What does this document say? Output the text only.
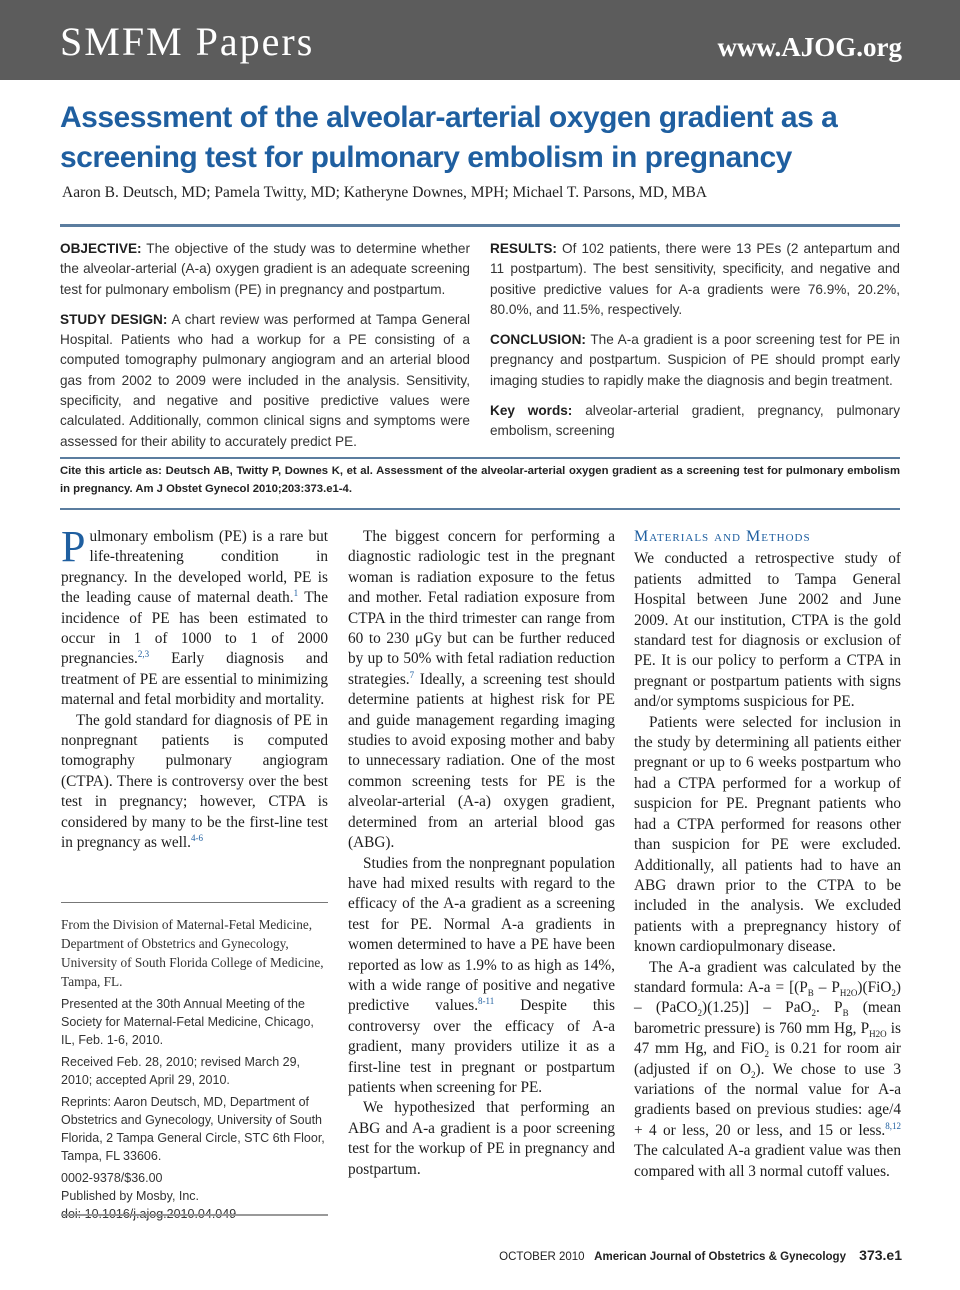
SMFM Papers	www.AJOG.org
Assessment of the alveolar-arterial oxygen gradient as a screening test for pulmonary embolism in pregnancy
Aaron B. Deutsch, MD; Pamela Twitty, MD; Katheryne Downes, MPH; Michael T. Parsons, MD, MBA

OBJECTIVE: The objective of the study was to determine whether the alveolar-arterial (A-a) oxygen gradient is an adequate screening test for pulmonary embolism (PE) in pregnancy and postpartum.

STUDY DESIGN: A chart review was performed at Tampa General Hospital. Patients who had a workup for a PE consisting of a computed tomography pulmonary angiogram and an arterial blood gas from 2002 to 2009 were included in the analysis. Sensitivity, specificity, and negative and positive predictive values were calculated. Additionally, common clinical signs and symptoms were assessed for their ability to accurately predict PE.

RESULTS: Of 102 patients, there were 13 PEs (2 antepartum and 11 postpartum). The best sensitivity, specificity, and negative and positive predictive values for A-a gradients were 76.9%, 20.2%, 80.0%, and 11.5%, respectively.

CONCLUSION: The A-a gradient is a poor screening test for PE in pregnancy and postpartum. Suspicion of PE should prompt early imaging studies to rapidly make the diagnosis and begin treatment.

Key words: alveolar-arterial gradient, pregnancy, pulmonary embolism, screening

Cite this article as: Deutsch AB, Twitty P, Downes K, et al. Assessment of the alveolar-arterial oxygen gradient as a screening test for pulmonary embolism in pregnancy. Am J Obstet Gynecol 2010;203:373.e1-4.

Pulmonary embolism (PE) is a rare but life-threatening condition in pregnancy. In the developed world, PE is the leading cause of maternal death.$^1$ The incidence of PE has been estimated to occur in 1 of 1000 to 1 of 2000 pregnancies.$^{2,3}$ Early diagnosis and treatment of PE are essential to minimizing maternal and fetal morbidity and mortality.

The gold standard for diagnosis of PE in nonpregnant patients is computed tomography pulmonary angiogram (CTPA). There is controversy over the best test in pregnancy; however, CTPA is considered by many to be the first-line test in pregnancy as well.$^{4-6}$

From the Division of Maternal-Fetal Medicine, Department of Obstetrics and Gynecology, University of South Florida College of Medicine, Tampa, FL.

Presented at the 30th Annual Meeting of the Society for Maternal-Fetal Medicine, Chicago, IL, Feb. 1-6, 2010.

Received Feb. 28, 2010; revised March 29, 2010; accepted April 29, 2010.

Reprints: Aaron Deutsch, MD, Department of Obstetrics and Gynecology, University of South Florida, 2 Tampa General Circle, STC 6th Floor, Tampa, FL 33606.

0002-9378/$36.00

Published by Mosby, Inc.

doi: 10.1016/j.ajog.2010.04.049

The biggest concern for performing a diagnostic radiologic test in the pregnant woman is radiation exposure to the fetus and mother. Fetal radiation exposure from CTPA in the third trimester can range from 60 to 230 μGy but can be further reduced by up to 50% with fetal radiation reduction strategies.$^7$ Ideally, a screening test should determine patients at highest risk for PE and guide management regarding imaging studies to avoid exposing mother and baby to unnecessary radiation. One of the most common screening tests for PE is the alveolar-arterial (A-a) oxygen gradient, determined from an arterial blood gas (ABG).

Studies from the nonpregnant population have had mixed results with regard to the efficacy of the A-a gradient as a screening test for PE. Normal A-a gradients in women determined to have a PE have been reported as low as 1.9% to as high as 14%, with a wide range of positive and negative predictive values.$^{8-11}$ Despite this controversy over the efficacy of A-a gradient, many providers utilize it as a first-line test in pregnant or postpartum patients when screening for PE.

We hypothesized that performing an ABG and A-a gradient is a poor screening test for the workup of PE in pregnancy and postpartum.

Materials and Methods

We conducted a retrospective study of patients admitted to Tampa General Hospital between June 2002 and June 2009. At our institution, CTPA is the gold standard test for diagnosis or exclusion of PE. It is our policy to perform a CTPA in pregnant or postpartum patients with signs and/or symptoms suspicious for PE.

Patients were selected for inclusion in the study by determining all patients either pregnant or up to 6 weeks postpartum who had a CTPA performed for a workup of suspicion for PE. Pregnant patients who had a CTPA performed for reasons other than suspicion for PE were excluded. Additionally, all patients had to have an ABG drawn prior to the CTPA to be included in the analysis. We excluded patients with a prepregnancy history of known cardiopulmonary disease.

The A-a gradient was calculated by the standard formula: $A-a = [(P_B - P_{H2O})(FiO_2)$ – (PaCO$_2$)(1.25)] – PaO$_2$. $P_B$ (mean barometric pressure) is 760 mm Hg, $P_{H2O}$ is 47 mm Hg, and FiO$_2$ is 0.21 for room air (adjusted if on $O_2$). We chose to use 3 variations of the normal value for A-a gradients based on previous studies: age/4 + 4 or less, 20 or less, and 15 or less.$^{8,12}$ The calculated A-a gradient value was then compared with all 3 normal cutoff values.

OCTOBER 2010 American Journal of Obstetrics & Gynecology 373.e1
